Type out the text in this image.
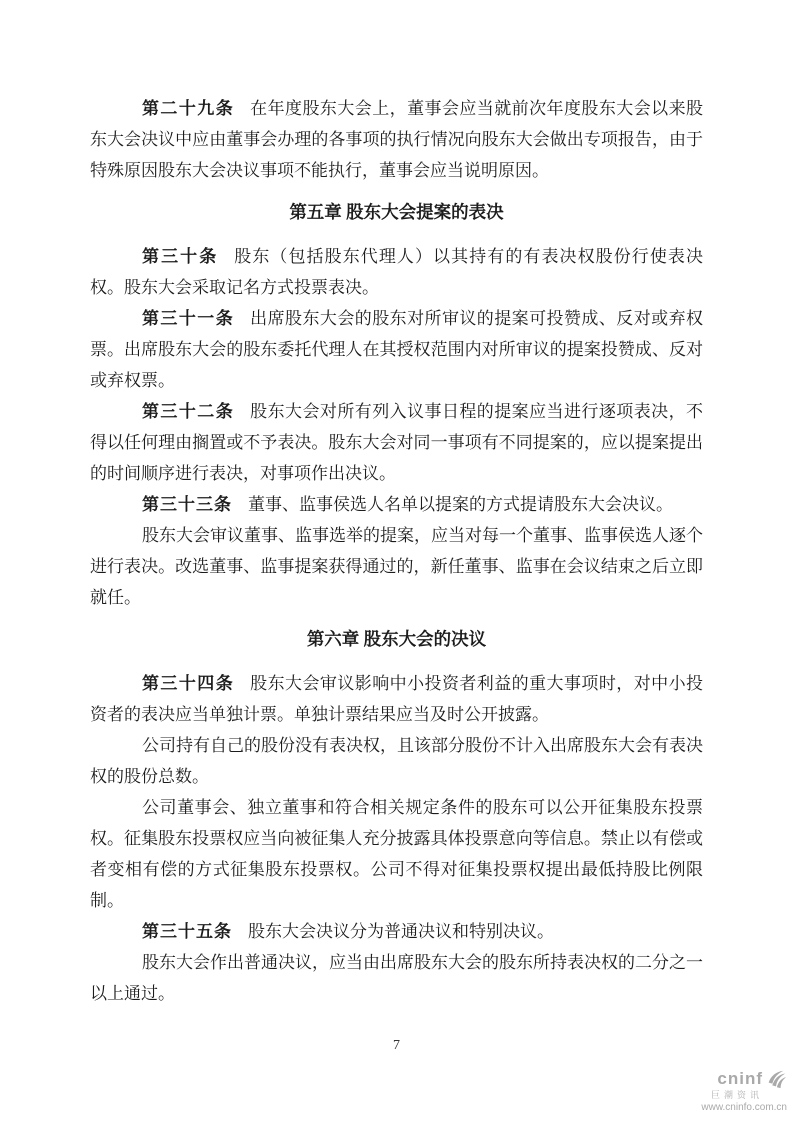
第二十九条 在年度股东大会上，董事会应当就前次年度股东大会以来股东大会决议中应由董事会办理的各事项的执行情况向股东大会做出专项报告，由于特殊原因股东大会决议事项不能执行，董事会应当说明原因。

第五章 股东大会提案的表决

第三十条 股东（包括股东代理人）以其持有的有表决权股份行使表决权。股东大会采取记名方式投票表决。

第三十一条 出席股东大会的股东对所审议的提案可投赞成、反对或弃权票。出席股东大会的股东委托代理人在其授权范围内对所审议的提案投赞成、反对或弃权票。

第三十二条 股东大会对所有列入议事日程的提案应当进行逐项表决，不得以任何理由搁置或不予表决。股东大会对同一事项有不同提案的，应以提案提出的时间顺序进行表决，对事项作出决议。

第三十三条 董事、监事侯选人名单以提案的方式提请股东大会决议。

股东大会审议董事、监事选举的提案，应当对每一个董事、监事侯选人逐个进行表决。改选董事、监事提案获得通过的，新任董事、监事在会议结束之后立即就任。

第六章 股东大会的决议

第三十四条 股东大会审议影响中小投资者利益的重大事项时，对中小投资者的表决应当单独计票。单独计票结果应当及时公开披露。

公司持有自己的股份没有表决权，且该部分股份不计入出席股东大会有表决权的股份总数。

公司董事会、独立董事和符合相关规定条件的股东可以公开征集股东投票权。征集股东投票权应当向被征集人充分披露具体投票意向等信息。禁止以有偿或者变相有偿的方式征集股东投票权。公司不得对征集投票权提出最低持股比例限制。

第三十五条 股东大会决议分为普通决议和特别决议。

股东大会作出普通决议，应当由出席股东大会的股东所持表决权的二分之一以上通过。

7
cninf
巨潮资讯
www.cninfo.com.cn
